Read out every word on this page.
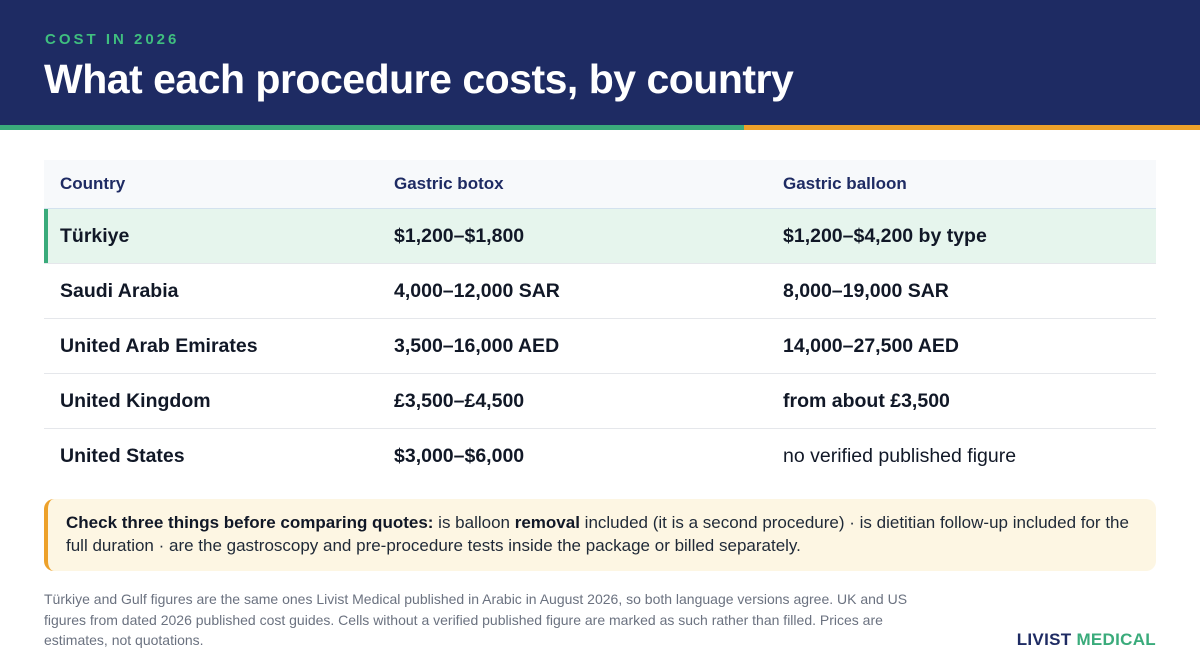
COST IN 2026
What each procedure costs, by country
Country	Gastric botox	Gastric balloon
Türkiye	$1,200–$1,800	$1,200–$4,200 by type
Saudi Arabia	4,000–12,000 SAR	8,000–19,000 SAR
United Arab Emirates	3,500–16,000 AED	14,000–27,500 AED
United Kingdom	£3,500–£4,500	from about £3,500
United States	$3,000–$6,000	no verified published figure
Check three things before comparing quotes: is balloon removal included (it is a second procedure) · is dietitian follow-up included for the full duration · are the gastroscopy and pre-procedure tests inside the package or billed separately.
Türkiye and Gulf figures are the same ones Livist Medical published in Arabic in August 2026, so both language versions agree. UK and US figures from dated 2026 published cost guides. Cells without a verified published figure are marked as such rather than filled. Prices are estimates, not quotations.	LIVIST MEDICAL
